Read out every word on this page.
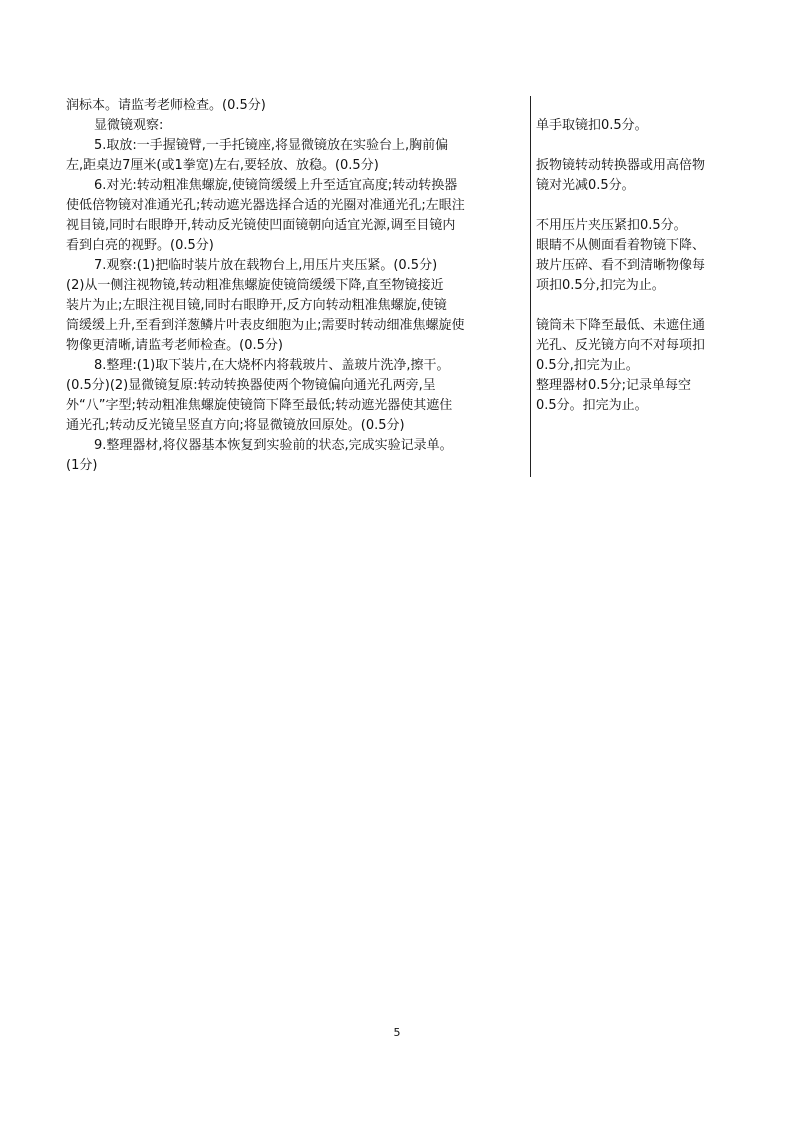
润标本。请监考老师检查。(0.5分)
显微镜观察:
5.取放:一手握镜臂,一手托镜座,将显微镜放在实验台上,胸前偏
左,距桌边7厘米(或1拳宽)左右,要轻放、放稳。(0.5分)
6.对光:转动粗准焦螺旋,使镜筒缓缓上升至适宜高度;转动转换器
使低倍物镜对准通光孔;转动遮光器选择合适的光圈对准通光孔;左眼注
视目镜,同时右眼睁开,转动反光镜使凹面镜朝向适宜光源,调至目镜内
看到白亮的视野。(0.5分)
7.观察:(1)把临时装片放在载物台上,用压片夹压紧。(0.5分)
(2)从一侧注视物镜,转动粗准焦螺旋使镜筒缓缓下降,直至物镜接近
装片为止;左眼注视目镜,同时右眼睁开,反方向转动粗准焦螺旋,使镜
筒缓缓上升,至看到洋葱鳞片叶表皮细胞为止;需要时转动细准焦螺旋使
物像更清晰,请监考老师检查。(0.5分)
8.整理:(1)取下装片,在大烧杯内将载玻片、盖玻片洗净,擦干。
(0.5分)(2)显微镜复原:转动转换器使两个物镜偏向通光孔两旁,呈
外“八”字型;转动粗准焦螺旋使镜筒下降至最低;转动遮光器使其遮住
通光孔;转动反光镜呈竖直方向;将显微镜放回原处。(0.5分)
9.整理器材,将仪器基本恢复到实验前的状态,完成实验记录单。
(1分)
单手取镜扣0.5分。
扳物镜转动转换器或用高倍物
镜对光减0.5分。
不用压片夹压紧扣0.5分。
眼睛不从侧面看着物镜下降、
玻片压碎、看不到清晰物像每
项扣0.5分,扣完为止。
镜筒未下降至最低、未遮住通
光孔、反光镜方向不对每项扣
0.5分,扣完为止。
整理器材0.5分;记录单每空
0.5分。扣完为止。
5
